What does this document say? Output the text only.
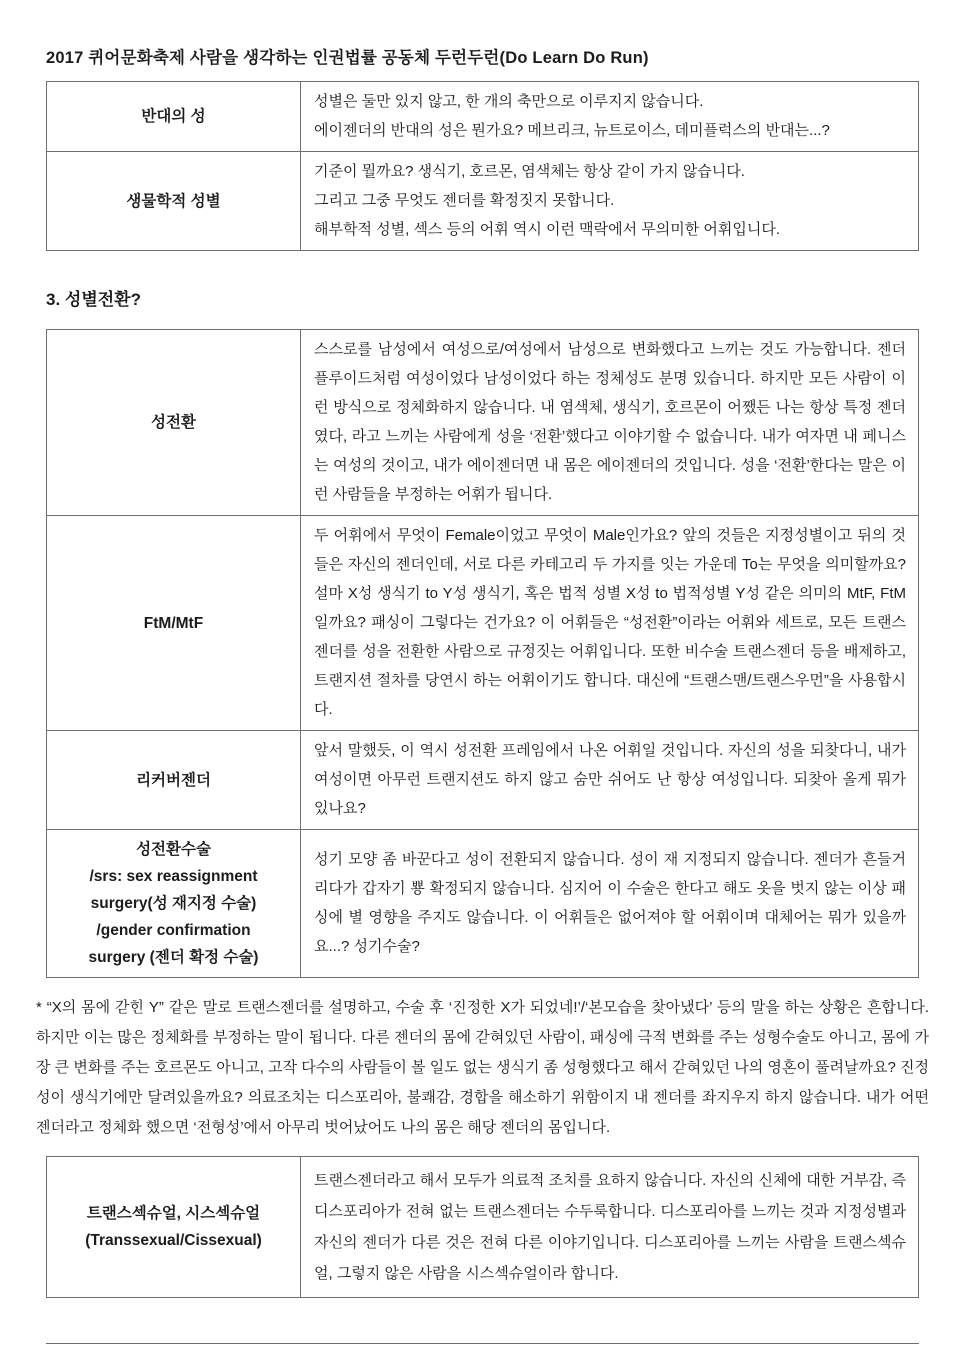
2017 퀴어문화축제 사람을 생각하는 인권법률 공동체 두런두런(Do Learn Do Run)
반대의 성	성별은 둘만 있지 않고, 한 개의 축만으로 이루지지 않습니다.
에이젠더의 반대의 성은 뭔가요? 메브리크, 뉴트로이스, 데미플럭스의 반대는...?

생물학적 성별	기준이 뭘까요? 생식기, 호르몬, 염색체는 항상 같이 가지 않습니다.
그리고 그중 무엇도 젠더를 확정짓지 못합니다.
해부학적 성별, 섹스 등의 어휘 역시 이런 맥락에서 무의미한 어휘입니다.
3. 성별전환?
성전환	스스로를 남성에서 여성으로/여성에서 남성으로 변화했다고 느끼는 것도 가능합니다. 젠더플루이드처럼 여성이었다 남성이었다 하는 정체성도 분명 있습니다. 하지만 모든 사람이 이런 방식으로 정체화하지 않습니다. 내 염색체, 생식기, 호르몬이 어쨌든 나는 항상 특정 젠더였다, 라고 느끼는 사람에게 성을 ‘전환’했다고 이야기할 수 없습니다. 내가 여자면 내 페니스는 여성의 것이고, 내가 에이젠더면 내 몸은 에이젠더의 것입니다. 성을 ‘전환’한다는 말은 이런 사람들을 부정하는 어휘가 됩니다.
FtM/MtF	두 어휘에서 무엇이 Female이었고 무엇이 Male인가요? 앞의 것들은 지정성별이고 뒤의 것들은 자신의 젠더인데, 서로 다른 카테고리 두 가지를 잇는 가운데 To는 무엇을 의미할까요? 설마 X성 생식기 to Y성 생식기, 혹은 법적 성별 X성 to 법적성별 Y성 같은 의미의 MtF, FtM일까요? 패싱이 그렇다는 건가요? 이 어휘들은 “성전환”이라는 어휘와 세트로, 모든 트랜스젠더를 성을 전환한 사람으로 규정짓는 어휘입니다. 또한 비수술 트랜스젠더 등을 배제하고, 트랜지션 절차를 당연시 하는 어휘이기도 합니다. 대신에 “트랜스맨/트랜스우먼”을 사용합시다.
리커버젠더	앞서 말했듯, 이 역시 성전환 프레임에서 나온 어휘일 것입니다. 자신의 성을 되찾다니, 내가 여성이면 아무런 트랜지션도 하지 않고 숨만 쉬어도 난 항상 여성입니다. 되찾아 올게 뭐가 있나요?

성전환수술
/srs: sex reassignment
surgery(성 재지정 수술)
/gender confirmation
surgery (젠더 확정 수술)	성기 모양 좀 바꾼다고 성이 전환되지 않습니다. 성이 재 지정되지 않습니다. 젠더가 흔들거리다가 갑자기 뿅 확정되지 않습니다. 심지어 이 수술은 한다고 해도 옷을 벗지 않는 이상 패싱에 별 영향을 주지도 않습니다. 이 어휘들은 없어져야 할 어휘이며 대체어는 뭐가 있을까요...? 성기수술?
* “X의 몸에 갇힌 Y” 같은 말로 트랜스젠더를 설명하고, 수술 후 ‘진정한 X가 되었네!’/‘본모습을 찾아냈다’ 등의 말을 하는 상황은 흔합니다. 하지만 이는 많은 정체화를 부정하는 말이 됩니다. 다른 젠더의 몸에 갇혀있던 사람이, 패싱에 극적 변화를 주는 성형수술도 아니고, 몸에 가장 큰 변화를 주는 호르몬도 아니고, 고작 다수의 사람들이 볼 일도 없는 생식기 좀 성형했다고 해서 갇혀있던 나의 영혼이 풀려날까요? 진정성이 생식기에만 달려있을까요? 의료조치는 디스포리아, 불쾌감, 경합을 해소하기 위함이지 내 젠더를 좌지우지 하지 않습니다. 내가 어떤 젠더라고 정체화 했으면 ‘전형성’에서 아무리 벗어났어도 나의 몸은 해당 젠더의 몸입니다.
트랜스섹슈얼, 시스섹슈얼
(Transsexual/Cissexual)
	트랜스젠더라고 해서 모두가 의료적 조치를 요하지 않습니다. 자신의 신체에 대한 거부감, 즉 디스포리아가 전혀 없는 트랜스젠더는 수두룩합니다. 디스포리아를 느끼는 것과 지정성별과 자신의 젠더가 다른 것은 전혀 다른 이야기입니다. 디스포리아를 느끼는 사람을 트랜스섹슈얼, 그렇지 않은 사람을 시스섹슈얼이라 합니다.
